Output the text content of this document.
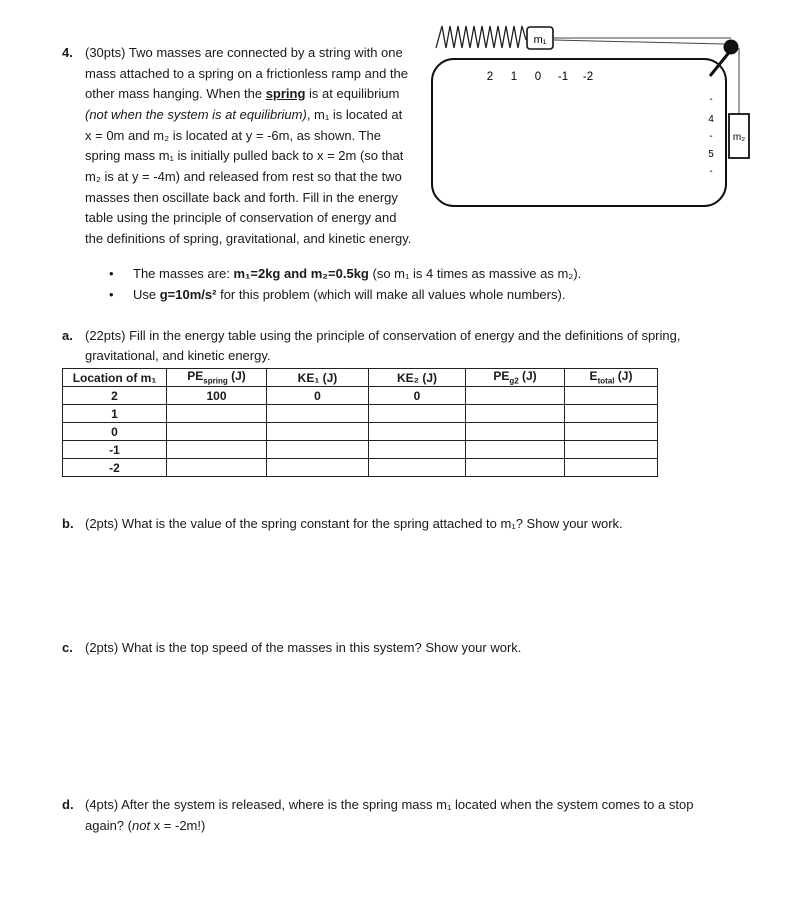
4. (30pts) Two masses are connected by a string with one
mass attached to a spring on a frictionless ramp and the
other mass hanging. When the spring is at equilibrium
(not when the system is at equilibrium), m₁ is located at
x = 0m and m₂ is located at y = -6m, as shown. The
spring mass m₁ is initially pulled back to x = 2m (so that
m₂ is at y = -4m) and released from rest so that the two
masses then oscillate back and forth. Fill in the energy
table using the principle of conservation of energy and
the definitions of spring, gravitational, and kinetic energy.
m₁
m₂
2 1 0 -1 -2
-
4
-
5
-
• The masses are: m₁=2kg and m₂=0.5kg (so m₁ is 4 times as massive as m₂).
• Use g=10m/s² for this problem (which will make all values whole numbers).
a. (22pts) Fill in the energy table using the principle of conservation of energy and the definitions of spring,
gravitational, and kinetic energy.
Location of m₁	$PE_{spring}$ (J)	KE₁ (J)	KE₂ (J)	$PE_{g2}$ (J)	$E_{total}$ (J)
2	100	0	0		
1					
0					
-1					
-2					
b. (2pts) What is the value of the spring constant for the spring attached to m₁? Show your work.
c. (2pts) What is the top speed of the masses in this system? Show your work.
d. (4pts) After the system is released, where is the spring mass m₁ located when the system comes to a stop
again? (not x = -2m!)
